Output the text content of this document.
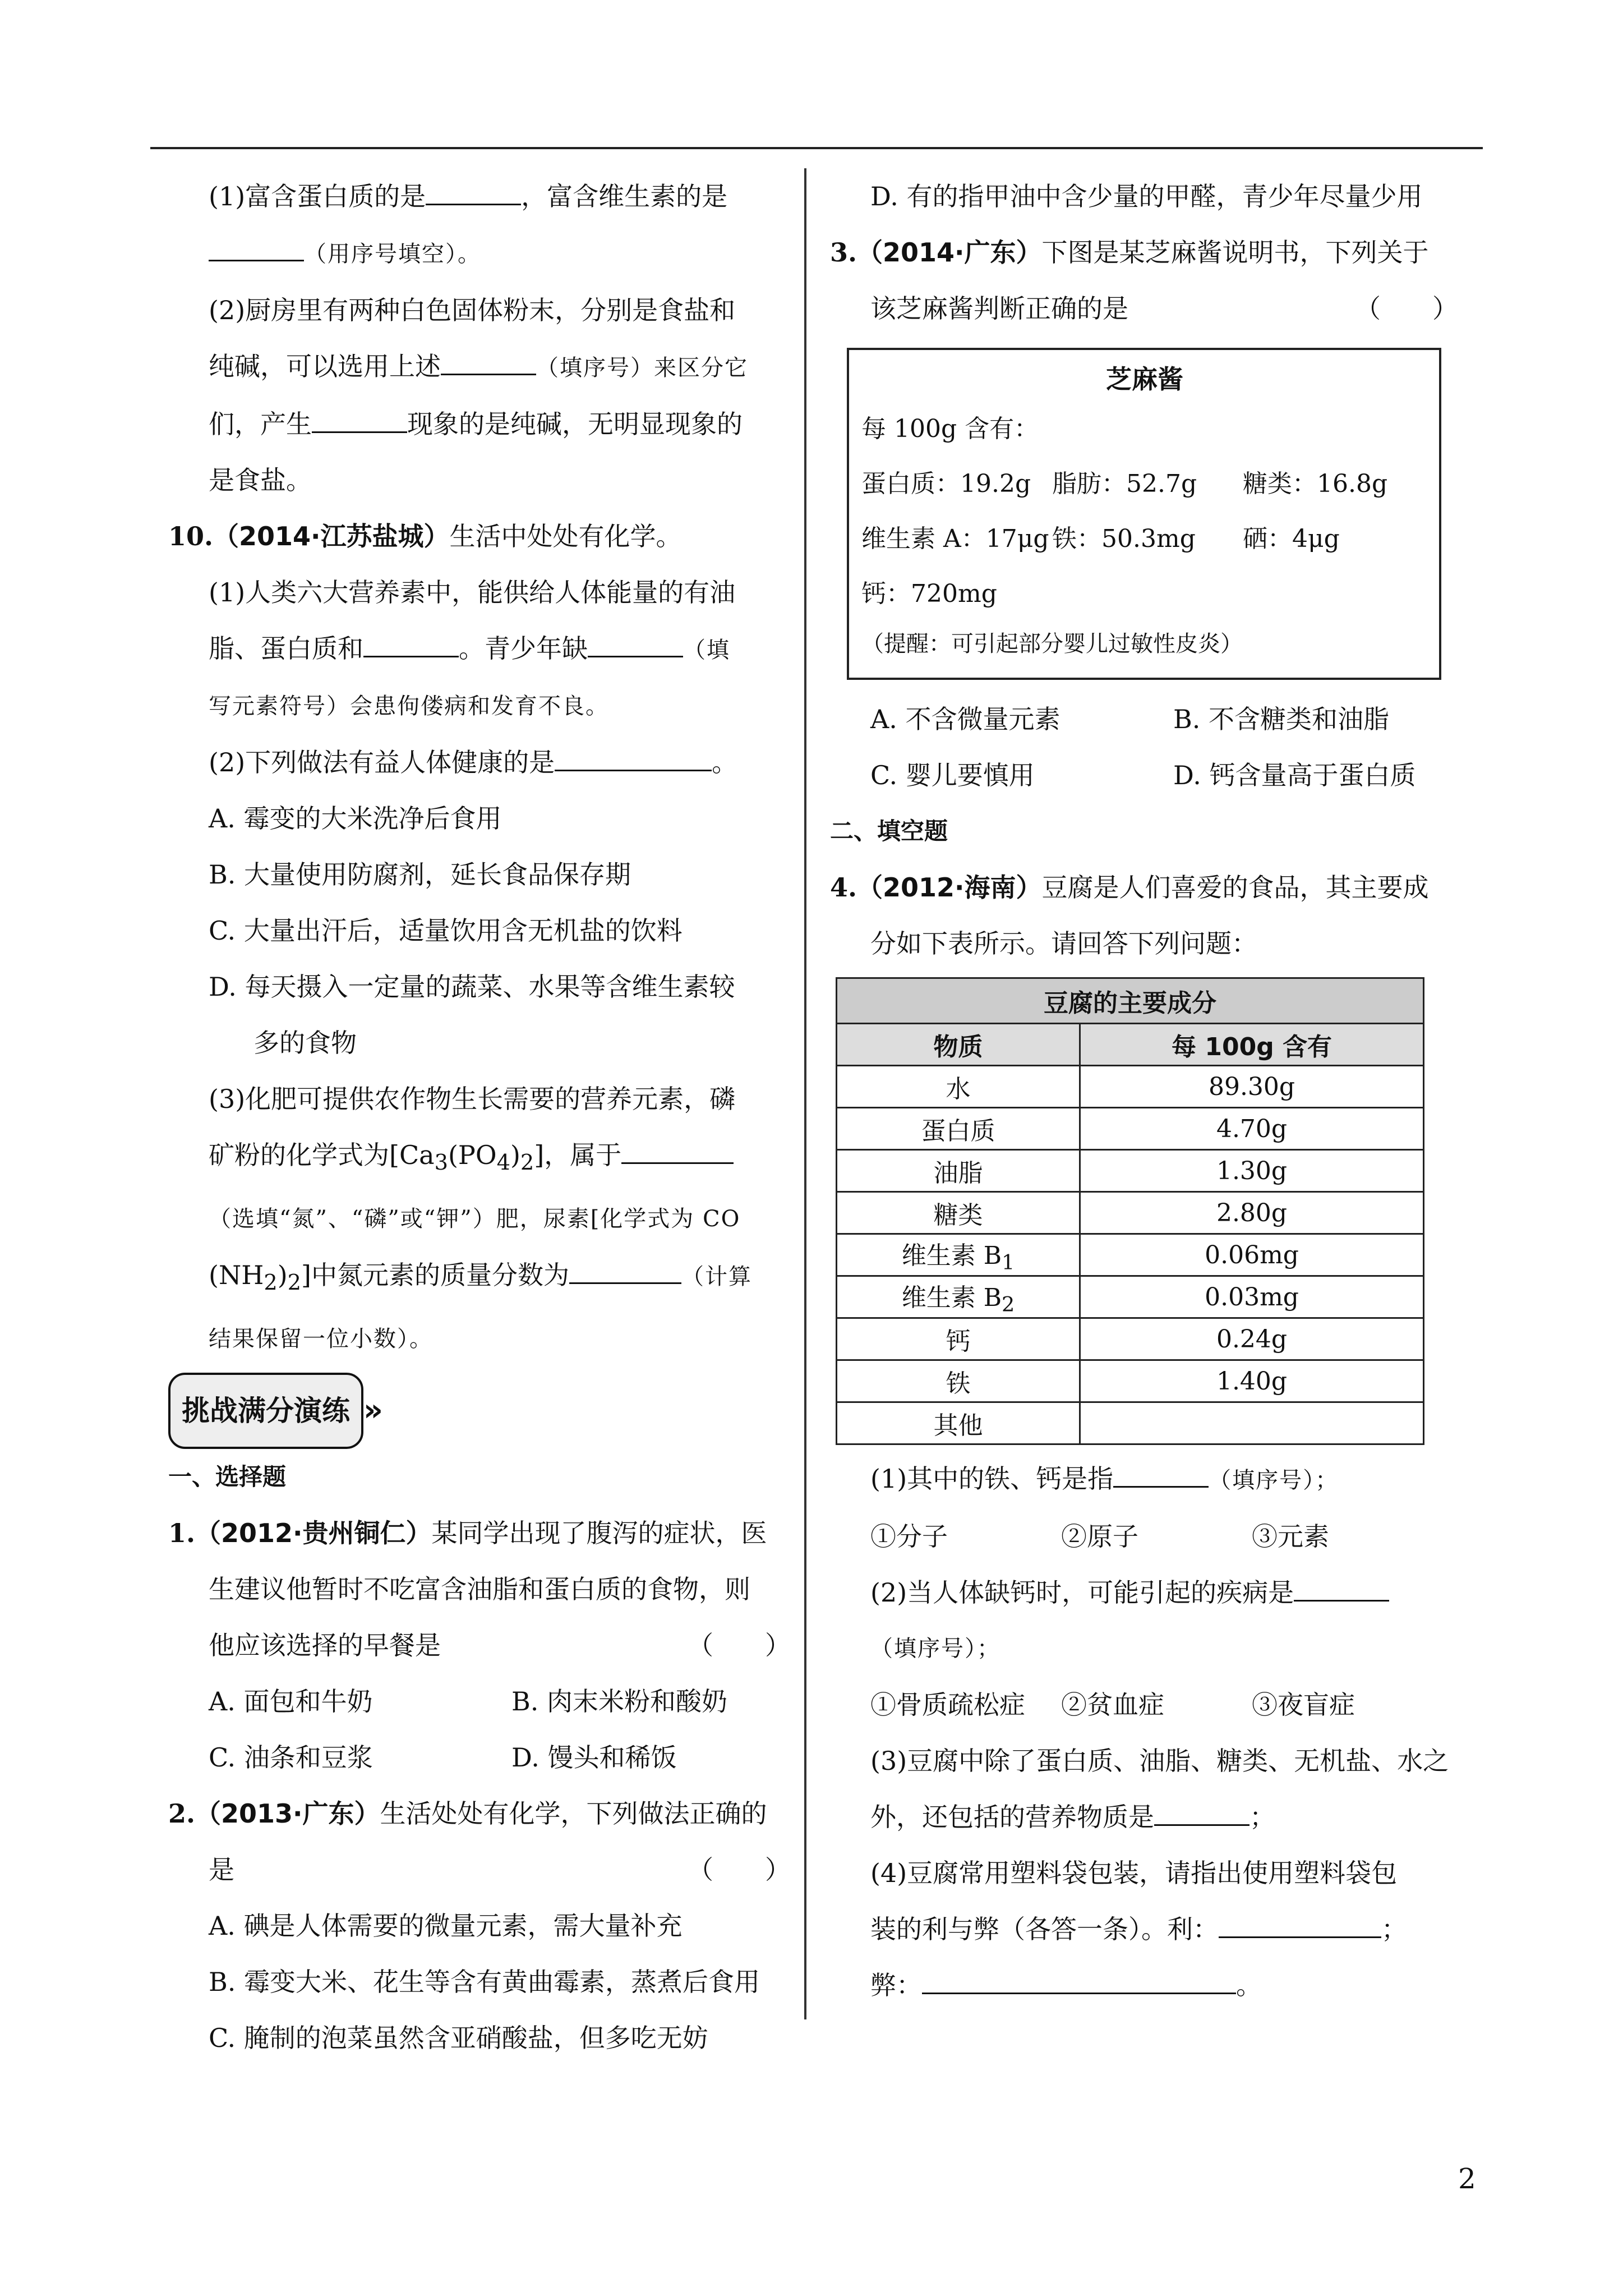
(1)富含蛋白质的是	，富含维生素的是

（用序号填空）。

(2)厨房里有两种白色固体粉末，分别是食盐和

纯碱，可以选用上述	（填序号）来区分它

们，产生	现象的是纯碱，无明显现象的

是食盐。

10.（2014·江苏盐城）生活中处处有化学。

(1)人类六大营养素中，能供给人体能量的有油

脂、蛋白质和	。青少年缺	（填

写元素符号）会患佝偻病和发育不良。

(2)下列做法有益人体健康的是	。

A. 霉变的大米洗净后食用

B. 大量使用防腐剂，延长食品保存期

C. 大量出汗后，适量饮用含无机盐的饮料

D. 每天摄入一定量的蔬菜、水果等含维生素较

多的食物

(3)化肥可提供农作物生长需要的营养元素，磷

矿粉的化学式为$[Ca_3(PO_4)_2]$，属于

（选填“氮”、“磷”或“钾”）肥，尿素[化学式为 CO

$(NH_2)_2$]中氮元素的质量分数为	（计算

结果保留一位小数）。

挑战满分演练 »

一、选择题

1.（2012·贵州铜仁）某同学出现了腹泻的症状，医

生建议他暂时不吃富含油脂和蛋白质的食物，则

他应该选择的早餐是	（　　）

A. 面包和牛奶	B. 肉末米粉和酸奶

C. 油条和豆浆	D. 馒头和稀饭

2.（2013·广东）生活处处有化学，下列做法正确的

是	（　　）

A. 碘是人体需要的微量元素，需大量补充

B. 霉变大米、花生等含有黄曲霉素，蒸煮后食用

C. 腌制的泡菜虽然含亚硝酸盐，但多吃无妨

D. 有的指甲油中含少量的甲醛，青少年尽量少用

3.（2014·广东）下图是某芝麻酱说明书，下列关于

该芝麻酱判断正确的是	（　　）

芝麻酱
每 100g 含有：
蛋白质：19.2g 脂肪：52.7g 糖类：16.8g
维生素 A：17μg 铁：50.3mg 硒：4μg
钙：720mg
（提醒：可引起部分婴儿过敏性皮炎）

A. 不含微量元素	B. 不含糖类和油脂

C. 婴儿要慎用	D. 钙含量高于蛋白质

二、填空题

4.（2012·海南）豆腐是人们喜爱的食品，其主要成

分如下表所示。请回答下列问题：

豆腐的主要成分	
物质	每 100g 含有
水	89.30g
蛋白质	4.70g
油脂	1.30g
糖类	2.80g
维生素 $B_1$	0.06mg
维生素 $B_2$	0.03mg
钙	0.24g
铁	1.40g
其他	

(1)其中的铁、钙是指	（填序号）；

①分子	②原子	③元素

(2)当人体缺钙时，可能引起的疾病是

（填序号）；

①骨质疏松症 ②贫血症	③夜盲症

(3)豆腐中除了蛋白质、油脂、糖类、无机盐、水之

外，还包括的营养物质是	；

(4)豆腐常用塑料袋包装，请指出使用塑料袋包

装的利与弊（各答一条）。利：	；

弊：	。

2
